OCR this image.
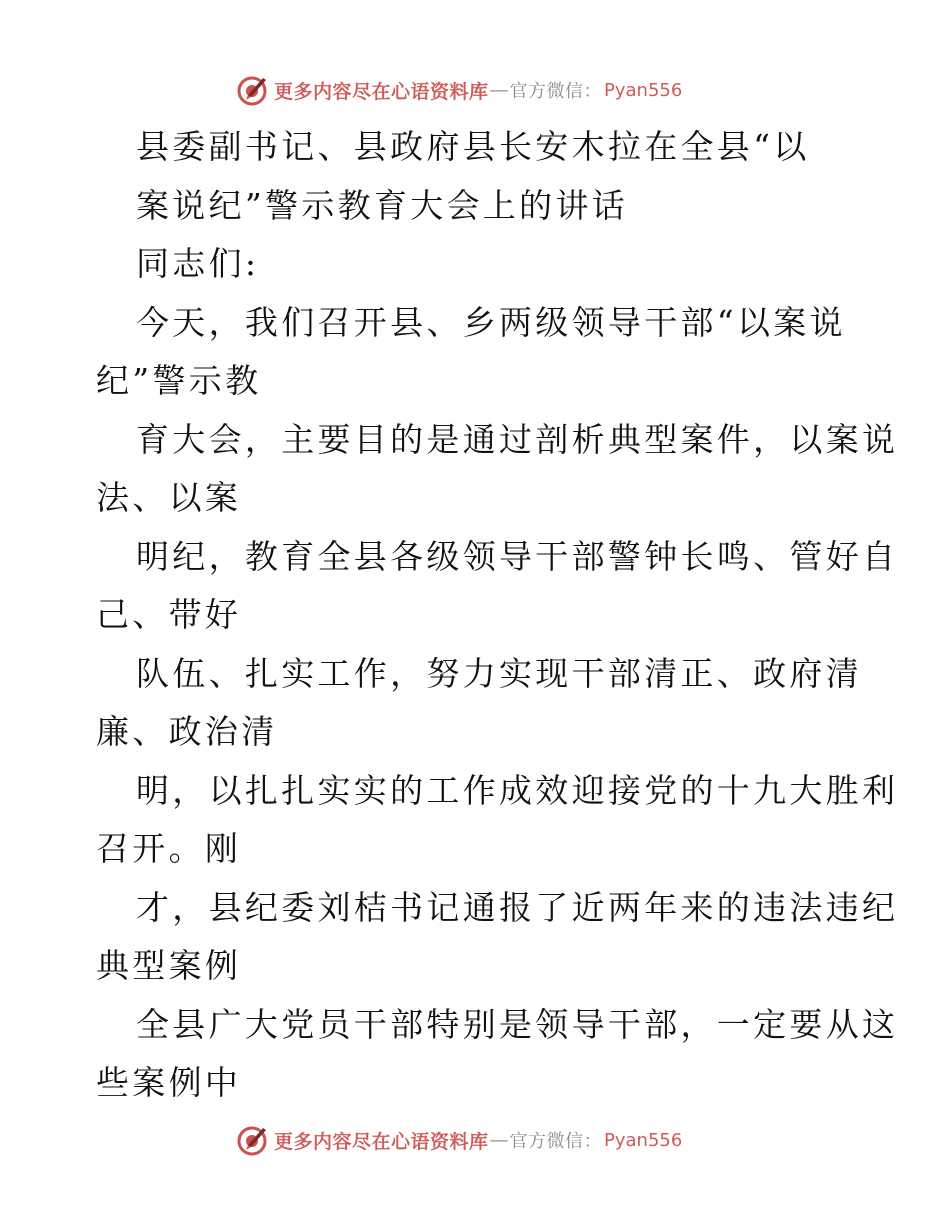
更多内容尽在心语资料库 — 官方微信： Pyan556

县委副书记、县政府县长安木拉在全县“以

案说纪”警示教育大会上的讲话

同志们:

今天，我们召开县、乡两级领导干部“以案说

纪”警示教

育大会，主要目的是通过剖析典型案件，以案说

法、以案

明纪，教育全县各级领导干部警钟长鸣、管好自

己、带好

队伍、扎实工作，努力实现干部清正、政府清

廉、政治清

明，以扎扎实实的工作成效迎接党的十九大胜利

召开。刚

才，县纪委刘桔书记通报了近两年来的违法违纪

典型案例

全县广大党员干部特别是领导干部，一定要从这

些案例中

更多内容尽在心语资料库 — 官方微信： Pyan556
